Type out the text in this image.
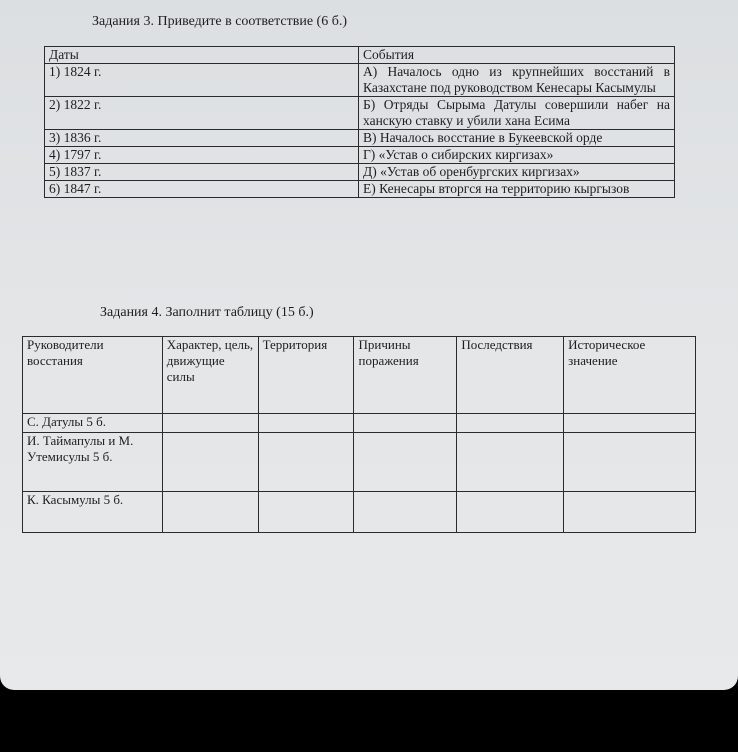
Задания 3. Приведите в соответствие (6 б.)
Даты	События
1) 1824 г.	А) Началось одно из крупнейших восстаний в Казахстане под руководством Кенесары Касымулы
2) 1822 г.	Б) Отряды Сырыма Датулы совершили набег на ханскую ставку и убили хана Есима
3) 1836 г.	В) Началось восстание в Букеевской орде
4) 1797 г.	Г) «Устав о сибирских киргизах»
5) 1837 г.	Д) «Устав об оренбургских киргизах»
6) 1847 г.	Е) Кенесары вторгся на территорию кыргызов
Задания 4. Заполнит таблицу (15 б.)
Руководители восстания	Характер, цель, движущие силы	Территория	Причины поражения	Последствия	Историческое значение
С. Датулы 5 б.					
И. Таймапулы и М. Утемисулы 5 б.					
К. Касымулы 5 б.					
